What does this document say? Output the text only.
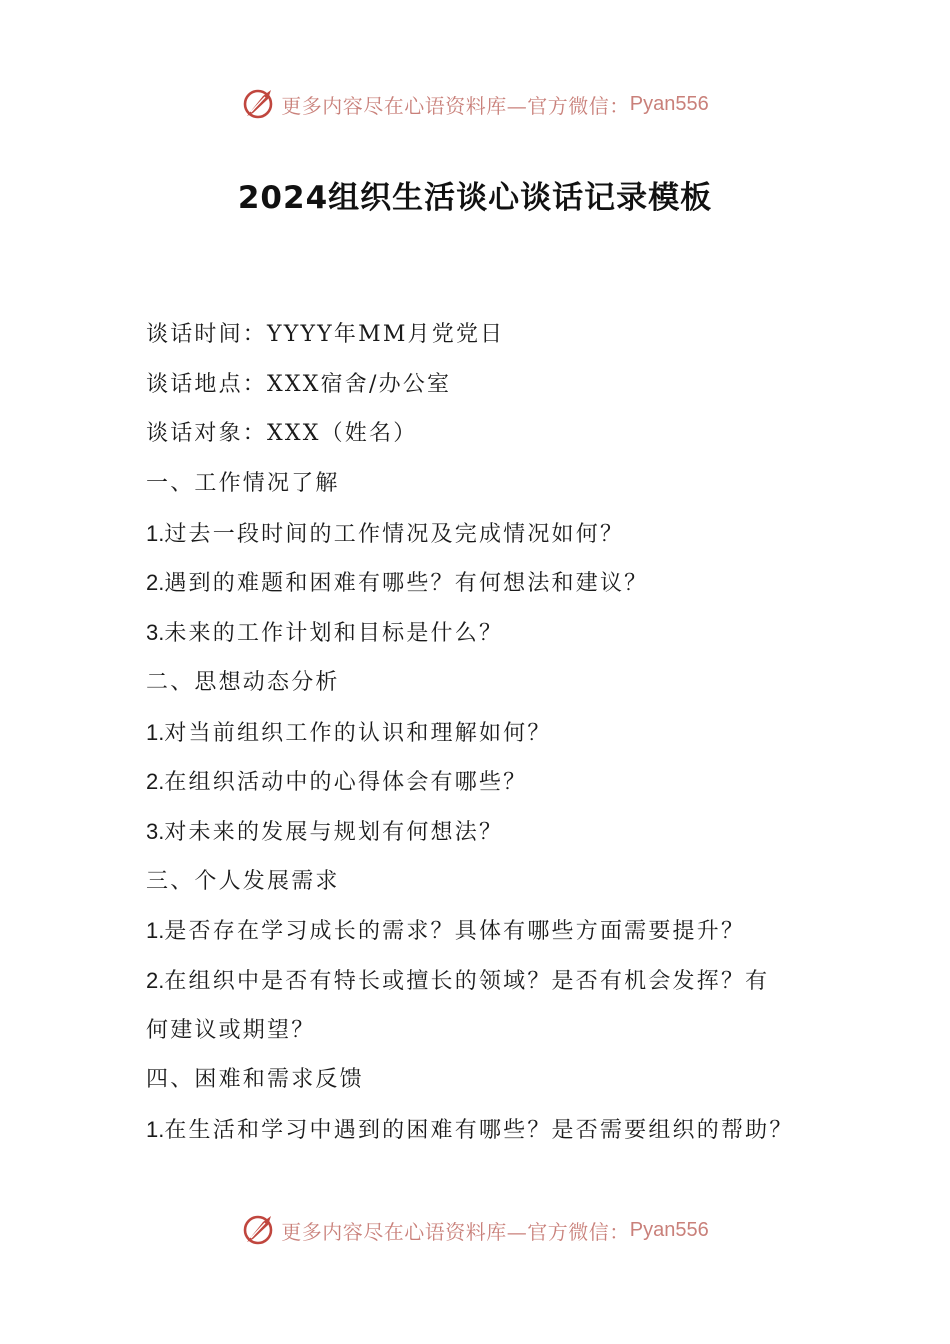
更多内容尽在心语资料库—官方微信： Pyan556
2024组织生活谈心谈话记录模板
谈话时间：YYYY年MM月党党日
谈话地点：XXX宿舍/办公室
谈话对象：XXX（姓名）
一、工作情况了解
1.过去一段时间的工作情况及完成情况如何？
2.遇到的难题和困难有哪些？有何想法和建议？
3.未来的工作计划和目标是什么？
二、思想动态分析
1.对当前组织工作的认识和理解如何？
2.在组织活动中的心得体会有哪些？
3.对未来的发展与规划有何想法？
三、个人发展需求
1.是否存在学习成长的需求？具体有哪些方面需要提升？
2.在组织中是否有特长或擅长的领域？是否有机会发挥？有
何建议或期望？
四、困难和需求反馈
1.在生活和学习中遇到的困难有哪些？是否需要组织的帮助？
更多内容尽在心语资料库—官方微信： Pyan556
